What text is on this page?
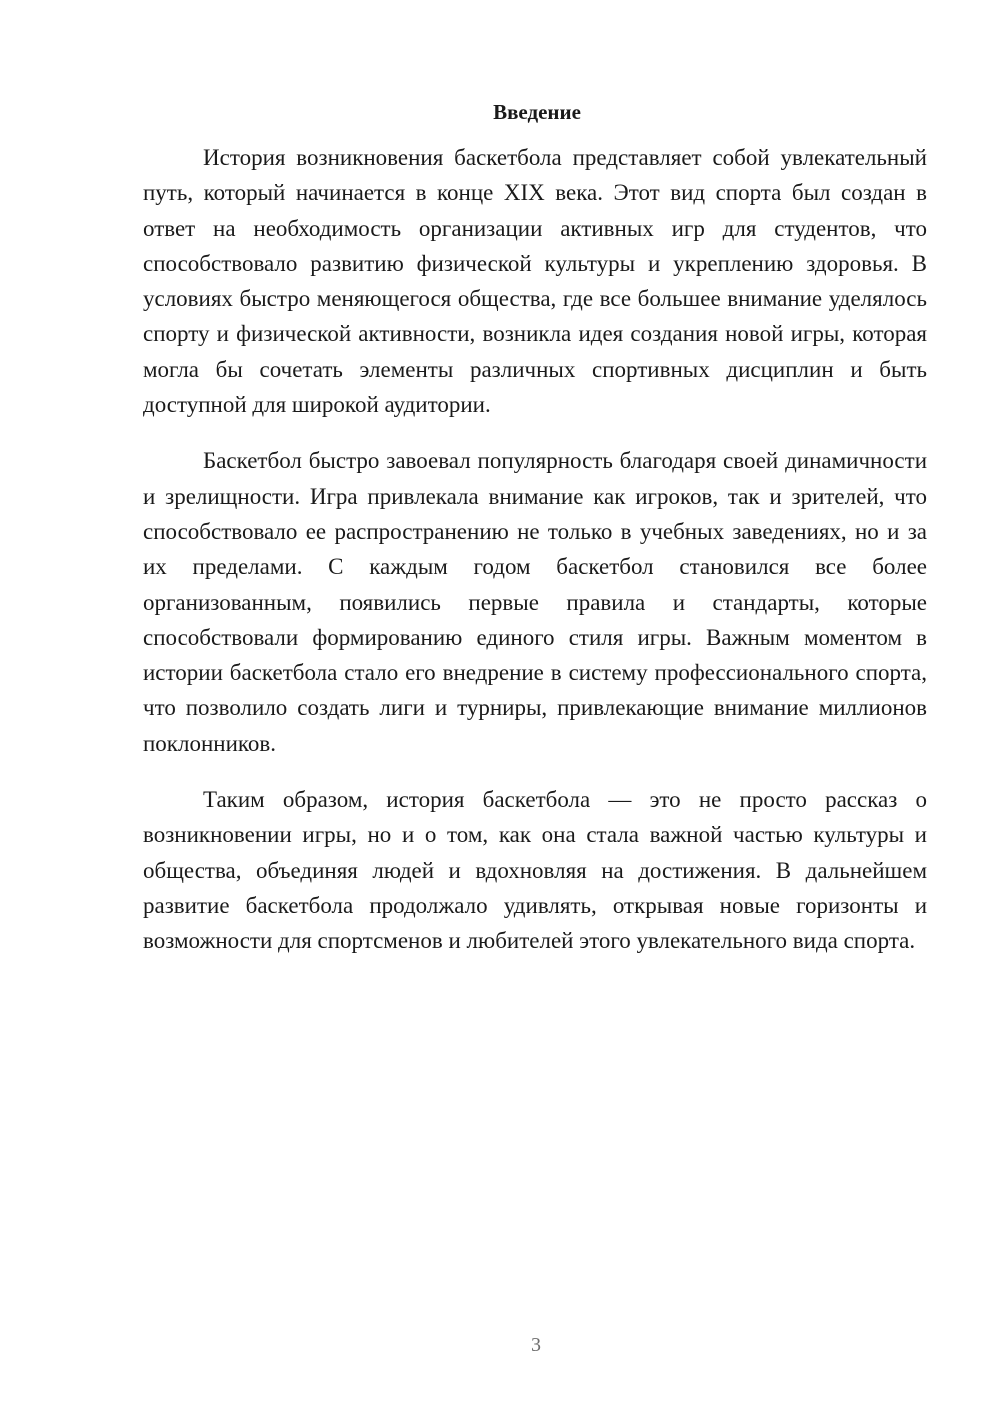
Введение

История возникновения баскетбола представляет собой увлекательный путь, который начинается в конце XIX века. Этот вид спорта был создан в ответ на необходимость организации активных игр для студентов, что способствовало развитию физической культуры и укреплению здоровья. В условиях быстро меняющегося общества, где все большее внимание уделялось спорту и физической активности, возникла идея создания новой игры, которая могла бы сочетать элементы различных спортивных дисциплин и быть доступной для широкой аудитории.

Баскетбол быстро завоевал популярность благодаря своей динамичности и зрелищности. Игра привлекала внимание как игроков, так и зрителей, что способствовало ее распространению не только в учебных заведениях, но и за их пределами. С каждым годом баскетбол становился все более организованным, появились первые правила и стандарты, которые способствовали формированию единого стиля игры. Важным моментом в истории баскетбола стало его внедрение в систему профессионального спорта, что позволило создать лиги и турниры, привлекающие внимание миллионов поклонников.

Таким образом, история баскетбола — это не просто рассказ о возникновении игры, но и о том, как она стала важной частью культуры и общества, объединяя людей и вдохновляя на достижения. В дальнейшем развитие баскетбола продолжало удивлять, открывая новые горизонты и возможности для спортсменов и любителей этого увлекательного вида спорта.

3
